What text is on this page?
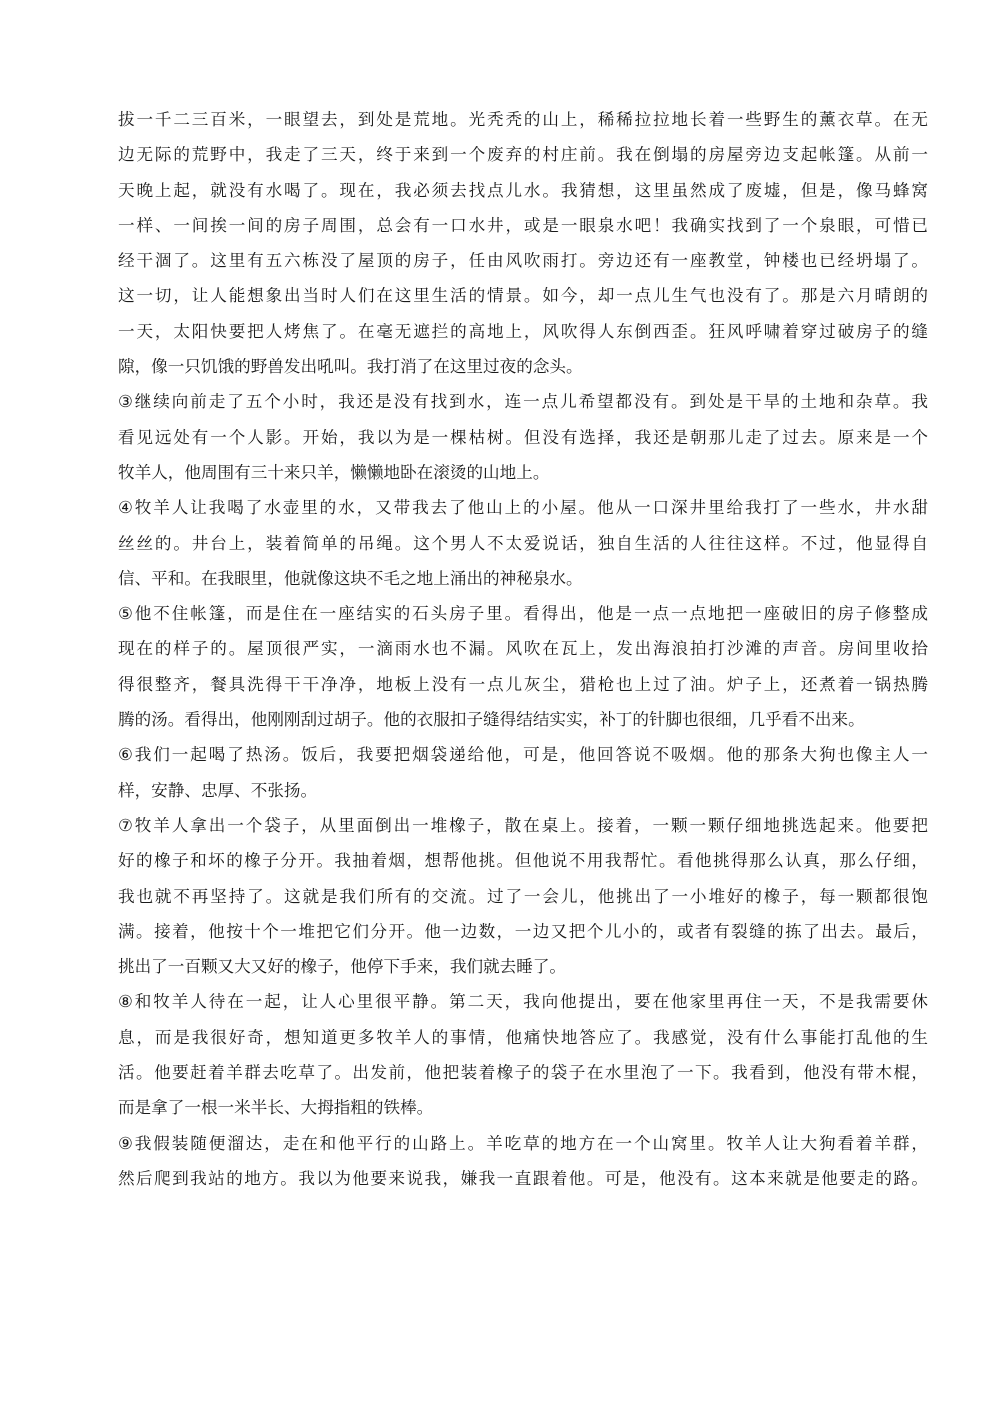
拔一千二三百米，一眼望去，到处是荒地。光秃秃的山上，稀稀拉拉地长着一些野生的薰衣草。在无
边无际的荒野中，我走了三天，终于来到一个废弃的村庄前。我在倒塌的房屋旁边支起帐篷。从前一
天晚上起，就没有水喝了。现在，我必须去找点儿水。我猜想，这里虽然成了废墟，但是，像马蜂窝
一样、一间挨一间的房子周围，总会有一口水井，或是一眼泉水吧！我确实找到了一个泉眼，可惜已
经干涸了。这里有五六栋没了屋顶的房子，任由风吹雨打。旁边还有一座教堂，钟楼也已经坍塌了。
这一切，让人能想象出当时人们在这里生活的情景。如今，却一点儿生气也没有了。那是六月晴朗的
一天，太阳快要把人烤焦了。在毫无遮拦的高地上，风吹得人东倒西歪。狂风呼啸着穿过破房子的缝
隙，像一只饥饿的野兽发出吼叫。我打消了在这里过夜的念头。
③继续向前走了五个小时，我还是没有找到水，连一点儿希望都没有。到处是干旱的土地和杂草。我
看见远处有一个人影。开始，我以为是一棵枯树。但没有选择，我还是朝那儿走了过去。原来是一个
牧羊人，他周围有三十来只羊，懒懒地卧在滚烫的山地上。
④牧羊人让我喝了水壶里的水，又带我去了他山上的小屋。他从一口深井里给我打了一些水，井水甜
丝丝的。井台上，装着简单的吊绳。这个男人不太爱说话，独自生活的人往往这样。不过，他显得自
信、平和。在我眼里，他就像这块不毛之地上涌出的神秘泉水。
⑤他不住帐篷，而是住在一座结实的石头房子里。看得出，他是一点一点地把一座破旧的房子修整成
现在的样子的。屋顶很严实，一滴雨水也不漏。风吹在瓦上，发出海浪拍打沙滩的声音。房间里收拾
得很整齐，餐具洗得干干净净，地板上没有一点儿灰尘，猎枪也上过了油。炉子上，还煮着一锅热腾
腾的汤。看得出，他刚刚刮过胡子。他的衣服扣子缝得结结实实，补丁的针脚也很细，几乎看不出来。
⑥我们一起喝了热汤。饭后，我要把烟袋递给他，可是，他回答说不吸烟。他的那条大狗也像主人一
样，安静、忠厚、不张扬。
⑦牧羊人拿出一个袋子，从里面倒出一堆橡子，散在桌上。接着，一颗一颗仔细地挑选起来。他要把
好的橡子和坏的橡子分开。我抽着烟，想帮他挑。但他说不用我帮忙。看他挑得那么认真，那么仔细，
我也就不再坚持了。这就是我们所有的交流。过了一会儿，他挑出了一小堆好的橡子，每一颗都很饱
满。接着，他按十个一堆把它们分开。他一边数，一边又把个儿小的，或者有裂缝的拣了出去。最后，
挑出了一百颗又大又好的橡子，他停下手来，我们就去睡了。
⑧和牧羊人待在一起，让人心里很平静。第二天，我向他提出，要在他家里再住一天，不是我需要休
息，而是我很好奇，想知道更多牧羊人的事情，他痛快地答应了。我感觉，没有什么事能打乱他的生
活。他要赶着羊群去吃草了。出发前，他把装着橡子的袋子在水里泡了一下。我看到，他没有带木棍，
而是拿了一根一米半长、大拇指粗的铁棒。
⑨我假装随便溜达，走在和他平行的山路上。羊吃草的地方在一个山窝里。牧羊人让大狗看着羊群，
然后爬到我站的地方。我以为他要来说我，嫌我一直跟着他。可是，他没有。这本来就是他要走的路。
